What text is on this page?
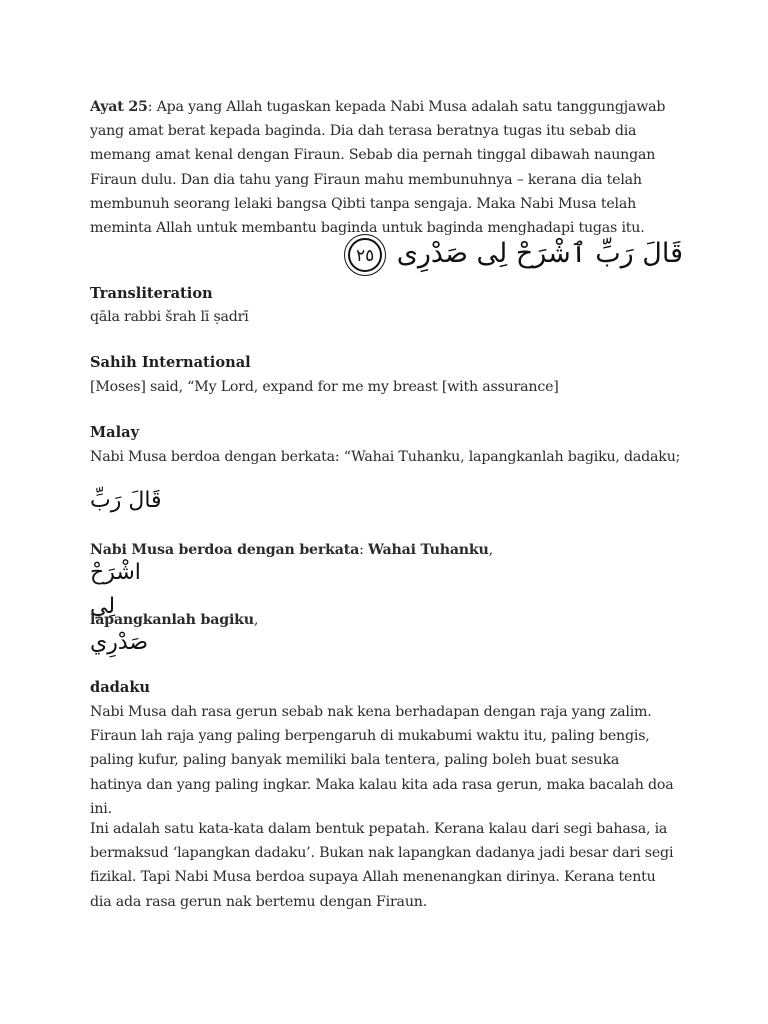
Ayat 25: Apa yang Allah tugaskan kepada Nabi Musa adalah satu tanggungjawab yang amat berat kepada baginda. Dia dah terasa beratnya tugas itu sebab dia memang amat kenal dengan Firaun. Sebab dia pernah tinggal dibawah naungan Firaun dulu. Dan dia tahu yang Firaun mahu membunuhnya – kerana dia telah membunuh seorang lelaki bangsa Qibti tanpa sengaja. Maka Nabi Musa telah meminta Allah untuk membantu baginda untuk baginda menghadapi tugas itu.

قَالَ رَبِّ ٱشْرَحْ لِى صَدْرِى ٢٥
Transliteration
qāla rabbi šrah lī ṣadrī
Sahih International
[Moses] said, “My Lord, expand for me my breast [with assurance]
Malay
Nabi Musa berdoa dengan berkata: “Wahai Tuhanku, lapangkanlah bagiku, dadaku;
قَالَ رَبِّ
Nabi Musa berdoa dengan berkata: Wahai Tuhanku,
اشْرَحْ لِي
lapangkanlah bagiku,
صَدْرِي
dadaku

Nabi Musa dah rasa gerun sebab nak kena berhadapan dengan raja yang zalim. Firaun lah raja yang paling berpengaruh di mukabumi waktu itu, paling bengis, paling kufur, paling banyak memiliki bala tentera, paling boleh buat sesuka hatinya dan yang paling ingkar. Maka kalau kita ada rasa gerun, maka bacalah doa ini.

Ini adalah satu kata-kata dalam bentuk pepatah. Kerana kalau dari segi bahasa, ia bermaksud ‘lapangkan dadaku’. Bukan nak lapangkan dadanya jadi besar dari segi fizikal. Tapi Nabi Musa berdoa supaya Allah menenangkan dirinya. Kerana tentu dia ada rasa gerun nak bertemu dengan Firaun.
